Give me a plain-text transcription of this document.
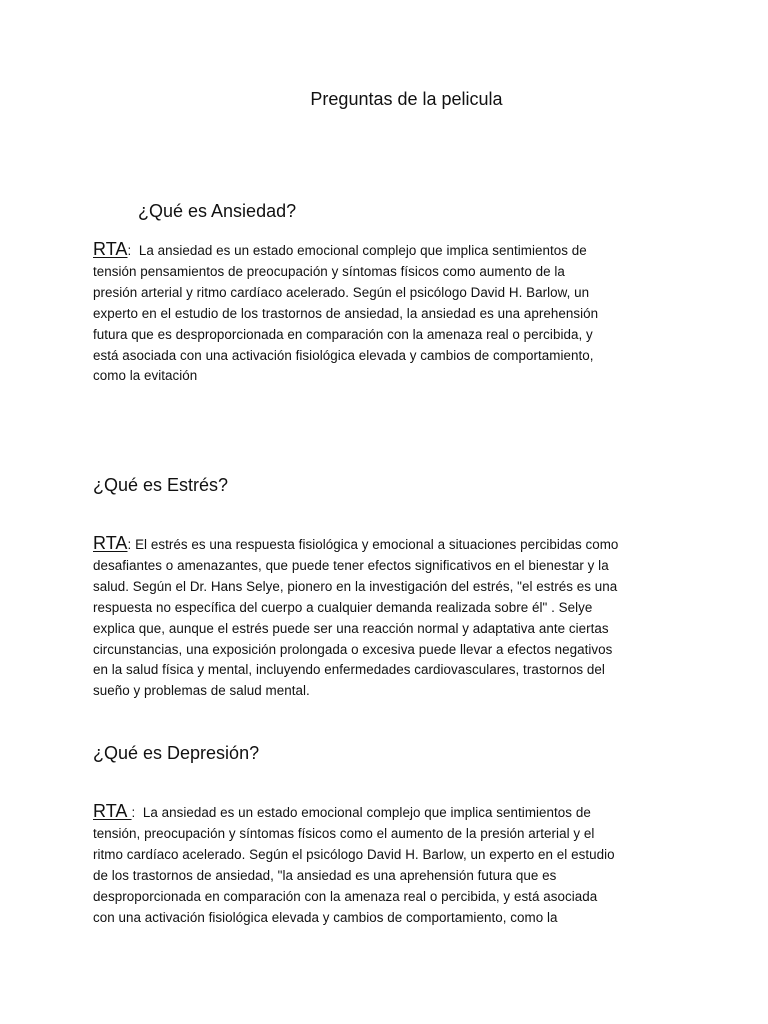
Preguntas de la pelicula
¿Qué es Ansiedad?

RTA: La ansiedad es un estado emocional complejo que implica sentimientos de
tensión pensamientos de preocupación y síntomas físicos como aumento de la
presión arterial y ritmo cardíaco acelerado. Según el psicólogo David H. Barlow, un
experto en el estudio de los trastornos de ansiedad, la ansiedad es una aprehensión
futura que es desproporcionada en comparación con la amenaza real o percibida, y
está asociada con una activación fisiológica elevada y cambios de comportamiento,
como la evitación

¿Qué es Estrés?

RTA: El estrés es una respuesta fisiológica y emocional a situaciones percibidas como
desafiantes o amenazantes, que puede tener efectos significativos en el bienestar y la
salud. Según el Dr. Hans Selye, pionero en la investigación del estrés, "el estrés es una
respuesta no específica del cuerpo a cualquier demanda realizada sobre él" . Selye
explica que, aunque el estrés puede ser una reacción normal y adaptativa ante ciertas
circunstancias, una exposición prolongada o excesiva puede llevar a efectos negativos
en la salud física y mental, incluyendo enfermedades cardiovasculares, trastornos del
sueño y problemas de salud mental.

¿Qué es Depresión?

RTA : La ansiedad es un estado emocional complejo que implica sentimientos de
tensión, preocupación y síntomas físicos como el aumento de la presión arterial y el
ritmo cardíaco acelerado. Según el psicólogo David H. Barlow, un experto en el estudio
de los trastornos de ansiedad, "la ansiedad es una aprehensión futura que es
desproporcionada en comparación con la amenaza real o percibida, y está asociada
con una activación fisiológica elevada y cambios de comportamiento, como la
